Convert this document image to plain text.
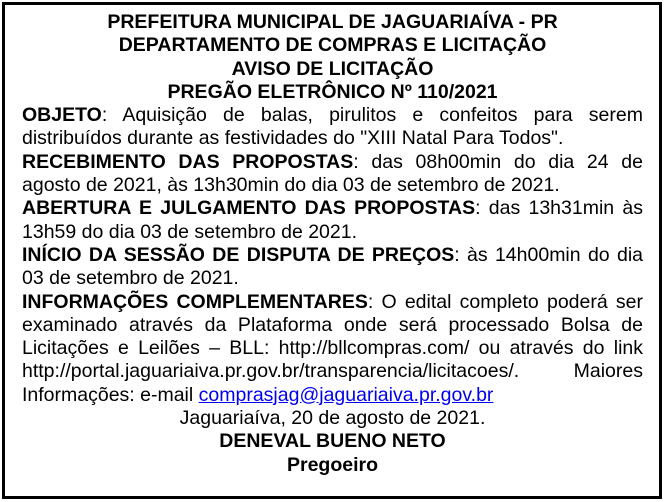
PREFEITURA MUNICIPAL DE JAGUARIAÍVA - PR
DEPARTAMENTO DE COMPRAS E LICITAÇÃO
AVISO DE LICITAÇÃO
PREGÃO ELETRÔNICO Nº 110/2021

OBJETO: Aquisição de balas, pirulitos e confeitos para serem distribuídos durante as festividades do "XIII Natal Para Todos".

RECEBIMENTO DAS PROPOSTAS: das 08h00min do dia 24 de agosto de 2021, às 13h30min do dia 03 de setembro de 2021.

ABERTURA E JULGAMENTO DAS PROPOSTAS: das 13h31min às 13h59 do dia 03 de setembro de 2021.

INÍCIO DA SESSÃO DE DISPUTA DE PREÇOS: às 14h00min do dia 03 de setembro de 2021.

INFORMAÇÕES COMPLEMENTARES: O edital completo poderá ser examinado através da Plataforma onde será processado Bolsa de Licitações e Leilões – BLL: http://bllcompras.com/ ou através do link http://portal.jaguariaiva.pr.gov.br/transparencia/licitacoes/. Maiores Informações: e-mail comprasjag@jaguariaiva.pr.gov.br

Jaguariaíva, 20 de agosto de 2021.
DENEVAL BUENO NETO
Pregoeiro
